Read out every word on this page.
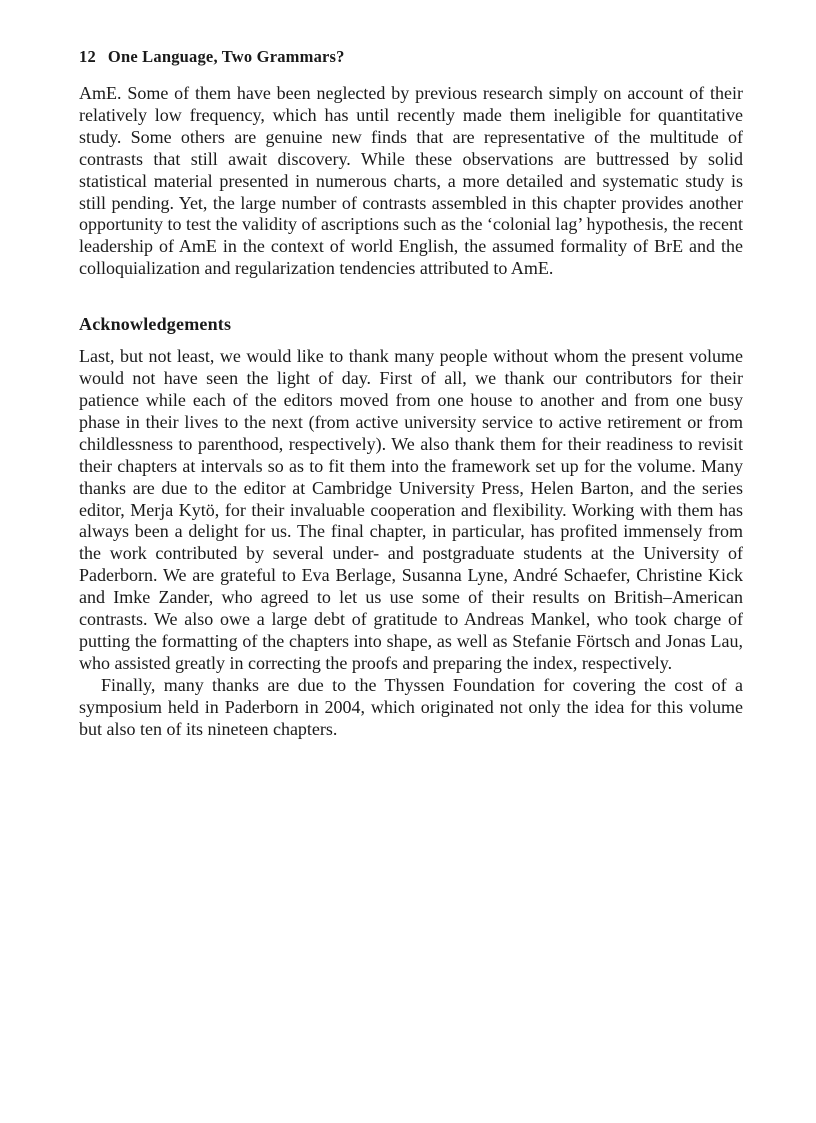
12 One Language, Two Grammars?

AmE. Some of them have been neglected by previous research simply on account of their relatively low frequency, which has until recently made them ineligible for quantitative study. Some others are genuine new finds that are representative of the multitude of contrasts that still await discovery. While these observations are buttressed by solid statistical material presented in numerous charts, a more detailed and systematic study is still pending. Yet, the large number of contrasts assembled in this chapter provides another opportunity to test the validity of ascriptions such as the ‘colonial lag’ hypothesis, the recent leadership of AmE in the context of world English, the assumed formality of BrE and the colloquialization and regularization tendencies attributed to AmE.

Acknowledgements

Last, but not least, we would like to thank many people without whom the present volume would not have seen the light of day. First of all, we thank our contributors for their patience while each of the editors moved from one house to another and from one busy phase in their lives to the next (from active university service to active retirement or from childlessness to parenthood, respectively). We also thank them for their readiness to revisit their chapters at intervals so as to fit them into the framework set up for the volume. Many thanks are due to the editor at Cambridge University Press, Helen Barton, and the series editor, Merja Kytö, for their invaluable cooperation and flexibility. Working with them has always been a delight for us. The final chapter, in particular, has profited immensely from the work contributed by several under- and postgraduate students at the University of Paderborn. We are grateful to Eva Berlage, Susanna Lyne, André Schaefer, Christine Kick and Imke Zander, who agreed to let us use some of their results on British–American contrasts. We also owe a large debt of gratitude to Andreas Mankel, who took charge of putting the formatting of the chapters into shape, as well as Stefanie Förtsch and Jonas Lau, who assisted greatly in correcting the proofs and preparing the index, respectively.

Finally, many thanks are due to the Thyssen Foundation for covering the cost of a symposium held in Paderborn in 2004, which originated not only the idea for this volume but also ten of its nineteen chapters.
